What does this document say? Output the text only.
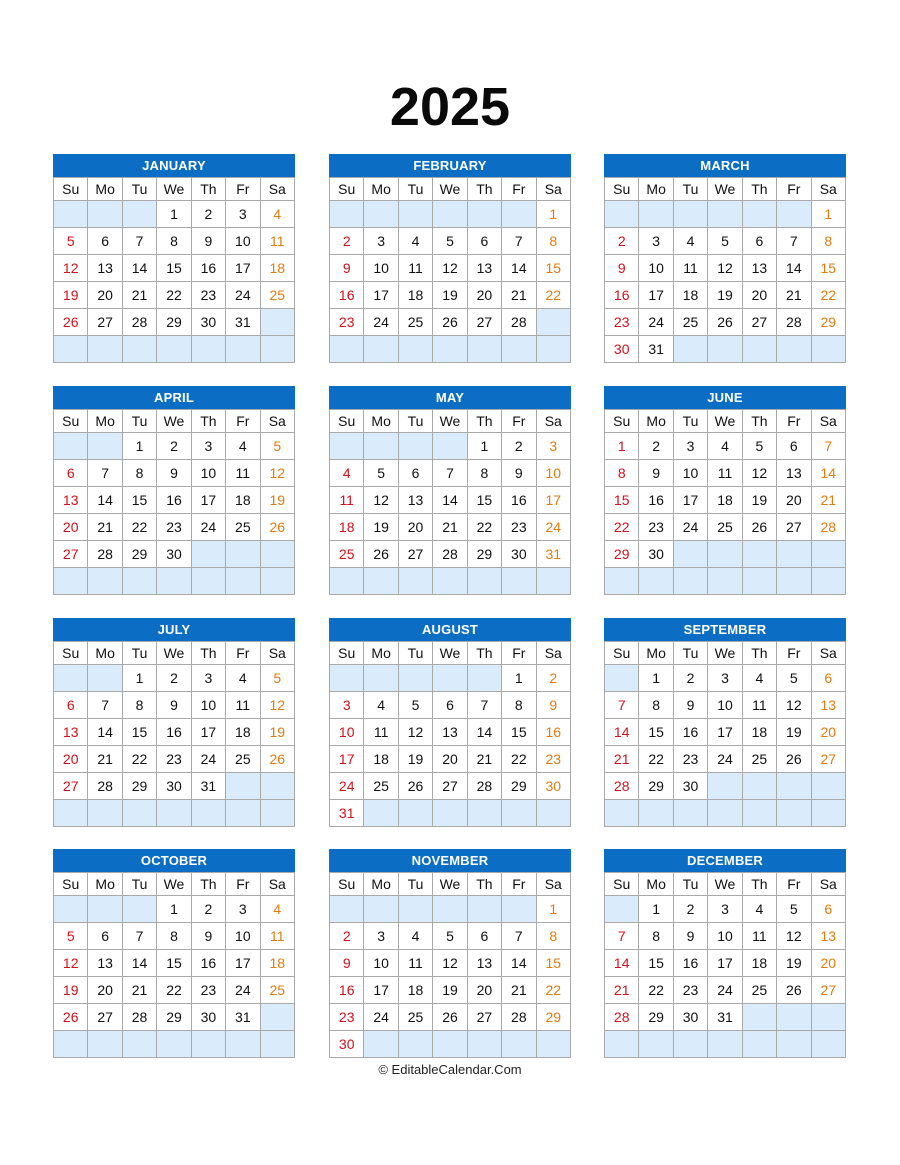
2025
JANUARY
Su	Mo	Tu	We	Th	Fr	Sa
			1	2	3	4
5	6	7	8	9	10	11
12	13	14	15	16	17	18
19	20	21	22	23	24	25
26	27	28	29	30	31	

FEBRUARY
Su	Mo	Tu	We	Th	Fr	Sa
						1
2	3	4	5	6	7	8
9	10	11	12	13	14	15
16	17	18	19	20	21	22
23	24	25	26	27	28	

MARCH
Su	Mo	Tu	We	Th	Fr	Sa
						1
2	3	4	5	6	7	8
9	10	11	12	13	14	15
16	17	18	19	20	21	22
23	24	25	26	27	28	29
30	31					
APRIL
Su	Mo	Tu	We	Th	Fr	Sa
		1	2	3	4	5
6	7	8	9	10	11	12
13	14	15	16	17	18	19
20	21	22	23	24	25	26
27	28	29	30			

MAY
Su	Mo	Tu	We	Th	Fr	Sa
				1	2	3
4	5	6	7	8	9	10
11	12	13	14	15	16	17
18	19	20	21	22	23	24
25	26	27	28	29	30	31

JUNE
Su	Mo	Tu	We	Th	Fr	Sa
1	2	3	4	5	6	7
8	9	10	11	12	13	14
15	16	17	18	19	20	21
22	23	24	25	26	27	28
29	30					

JULY
Su	Mo	Tu	We	Th	Fr	Sa
		1	2	3	4	5
6	7	8	9	10	11	12
13	14	15	16	17	18	19
20	21	22	23	24	25	26
27	28	29	30	31		

AUGUST
Su	Mo	Tu	We	Th	Fr	Sa
					1	2
3	4	5	6	7	8	9
10	11	12	13	14	15	16
17	18	19	20	21	22	23
24	25	26	27	28	29	30
31						
SEPTEMBER
Su	Mo	Tu	We	Th	Fr	Sa
	1	2	3	4	5	6
7	8	9	10	11	12	13
14	15	16	17	18	19	20
21	22	23	24	25	26	27
28	29	30				

OCTOBER
Su	Mo	Tu	We	Th	Fr	Sa
			1	2	3	4
5	6	7	8	9	10	11
12	13	14	15	16	17	18
19	20	21	22	23	24	25
26	27	28	29	30	31	

NOVEMBER
Su	Mo	Tu	We	Th	Fr	Sa
						1
2	3	4	5	6	7	8
9	10	11	12	13	14	15
16	17	18	19	20	21	22
23	24	25	26	27	28	29
30						
DECEMBER
Su	Mo	Tu	We	Th	Fr	Sa
	1	2	3	4	5	6
7	8	9	10	11	12	13
14	15	16	17	18	19	20
21	22	23	24	25	26	27
28	29	30	31			

© EditableCalendar.Com
